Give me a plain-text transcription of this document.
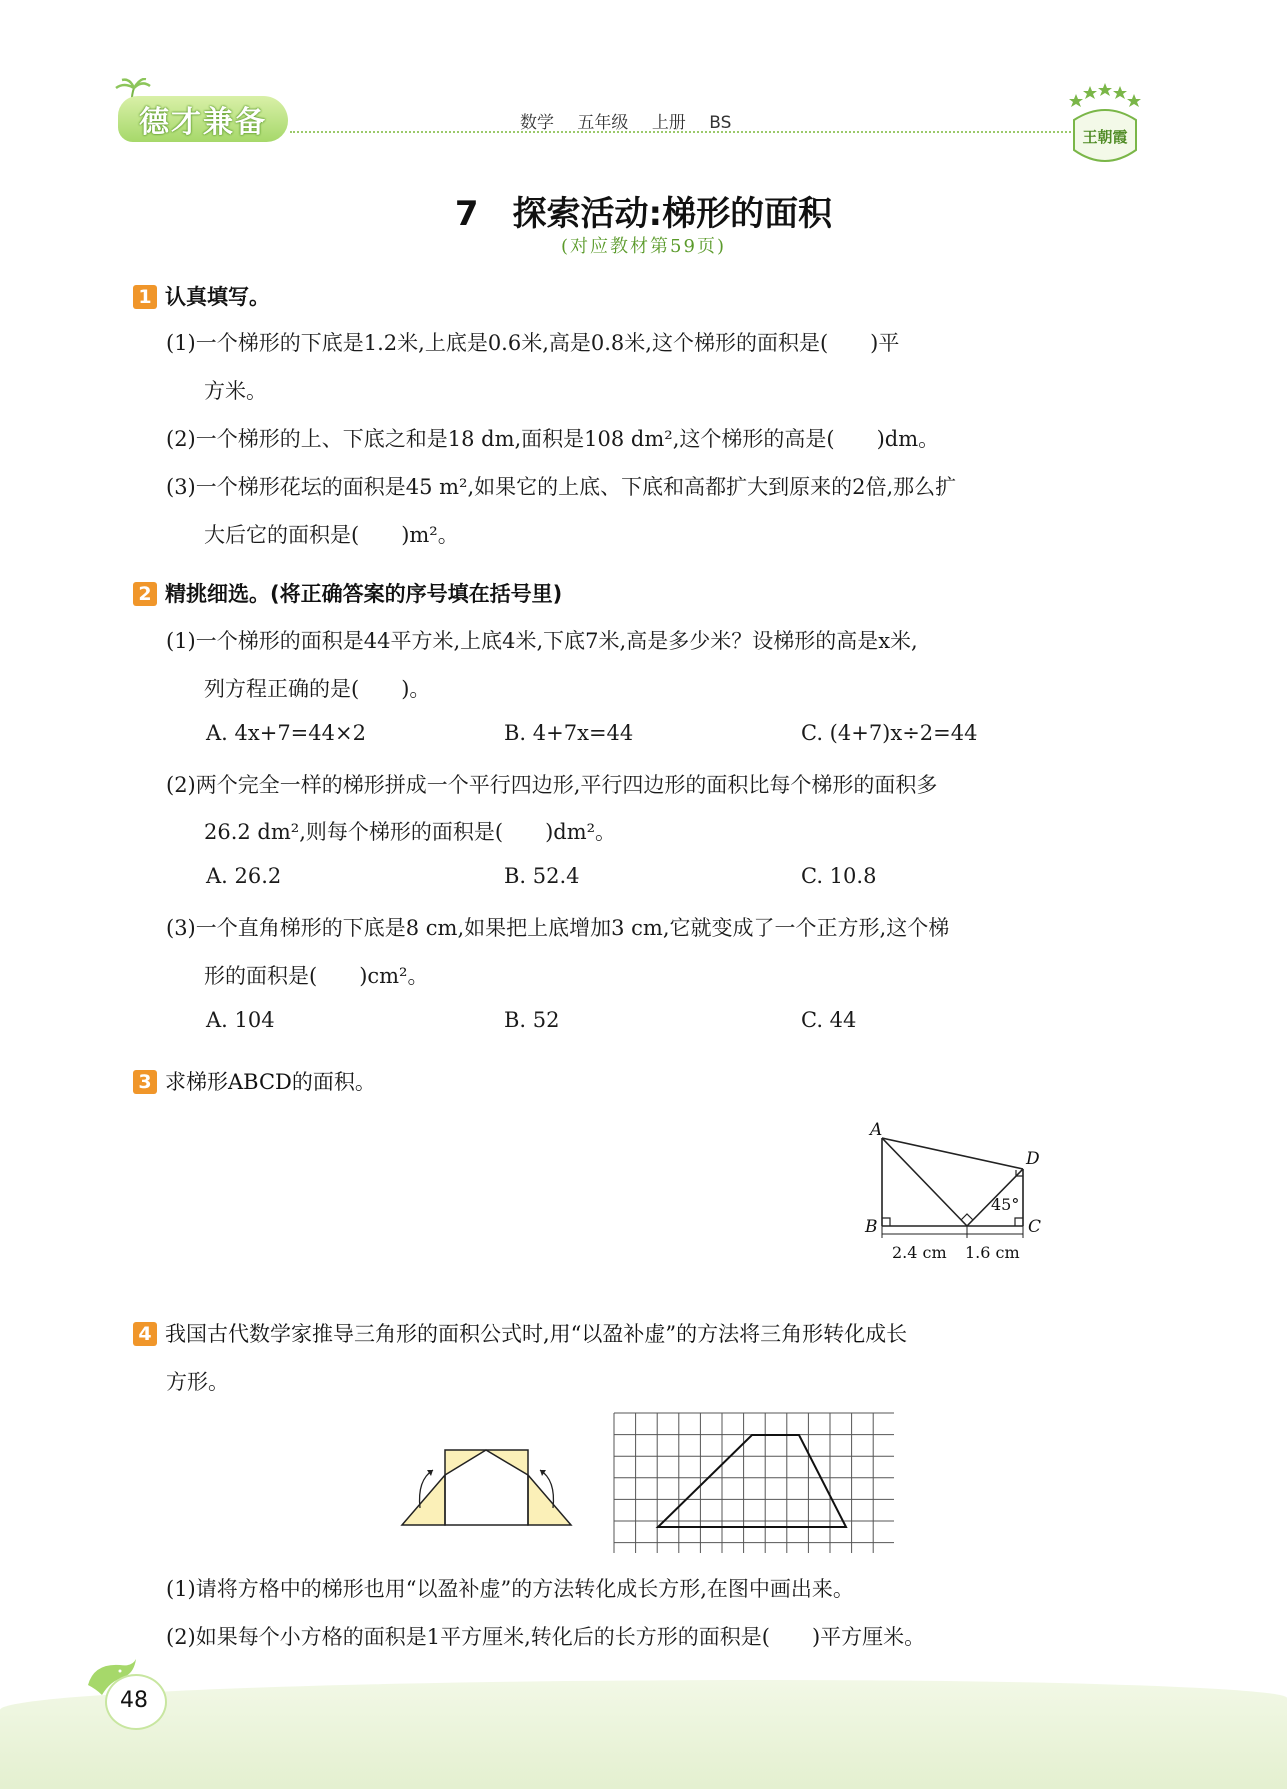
德才兼备	数学 五年级 上册 BS
王朝霞
7　探索活动:梯形的面积
(对应教材第59页)
1 认真填写。
(1)一个梯形的下底是1.2米,上底是0.6米,高是0.8米,这个梯形的面积是(　　)平
方米。
(2)一个梯形的上、下底之和是18 dm,面积是108 dm²,这个梯形的高是(　　)dm。
(3)一个梯形花坛的面积是45 m²,如果它的上底、下底和高都扩大到原来的2倍,那么扩
大后它的面积是(　　)m²。
2 精挑细选。(将正确答案的序号填在括号里)
(1)一个梯形的面积是44平方米,上底4米,下底7米,高是多少米？设梯形的高是x米,
列方程正确的是(　　)。
A. 4x+7=44×2	B. 4+7x=44	C. (4+7)x÷2=44
(2)两个完全一样的梯形拼成一个平行四边形,平行四边形的面积比每个梯形的面积多
26.2 dm²,则每个梯形的面积是(　　)dm²。
A. 26.2	B. 52.4	C. 10.8
(3)一个直角梯形的下底是8 cm,如果把上底增加3 cm,它就变成了一个正方形,这个梯
形的面积是(　　)cm²。
A. 104	B. 52	C. 44
3 求梯形ABCD的面积。
A
B	C
D
45°
2.4 cm 1.6 cm
4 我国古代数学家推导三角形的面积公式时,用“以盈补虚”的方法将三角形转化成长
方形。
(1)请将方格中的梯形也用“以盈补虚”的方法转化成长方形,在图中画出来。
(2)如果每个小方格的面积是1平方厘米,转化后的长方形的面积是(　　)平方厘米。
48
